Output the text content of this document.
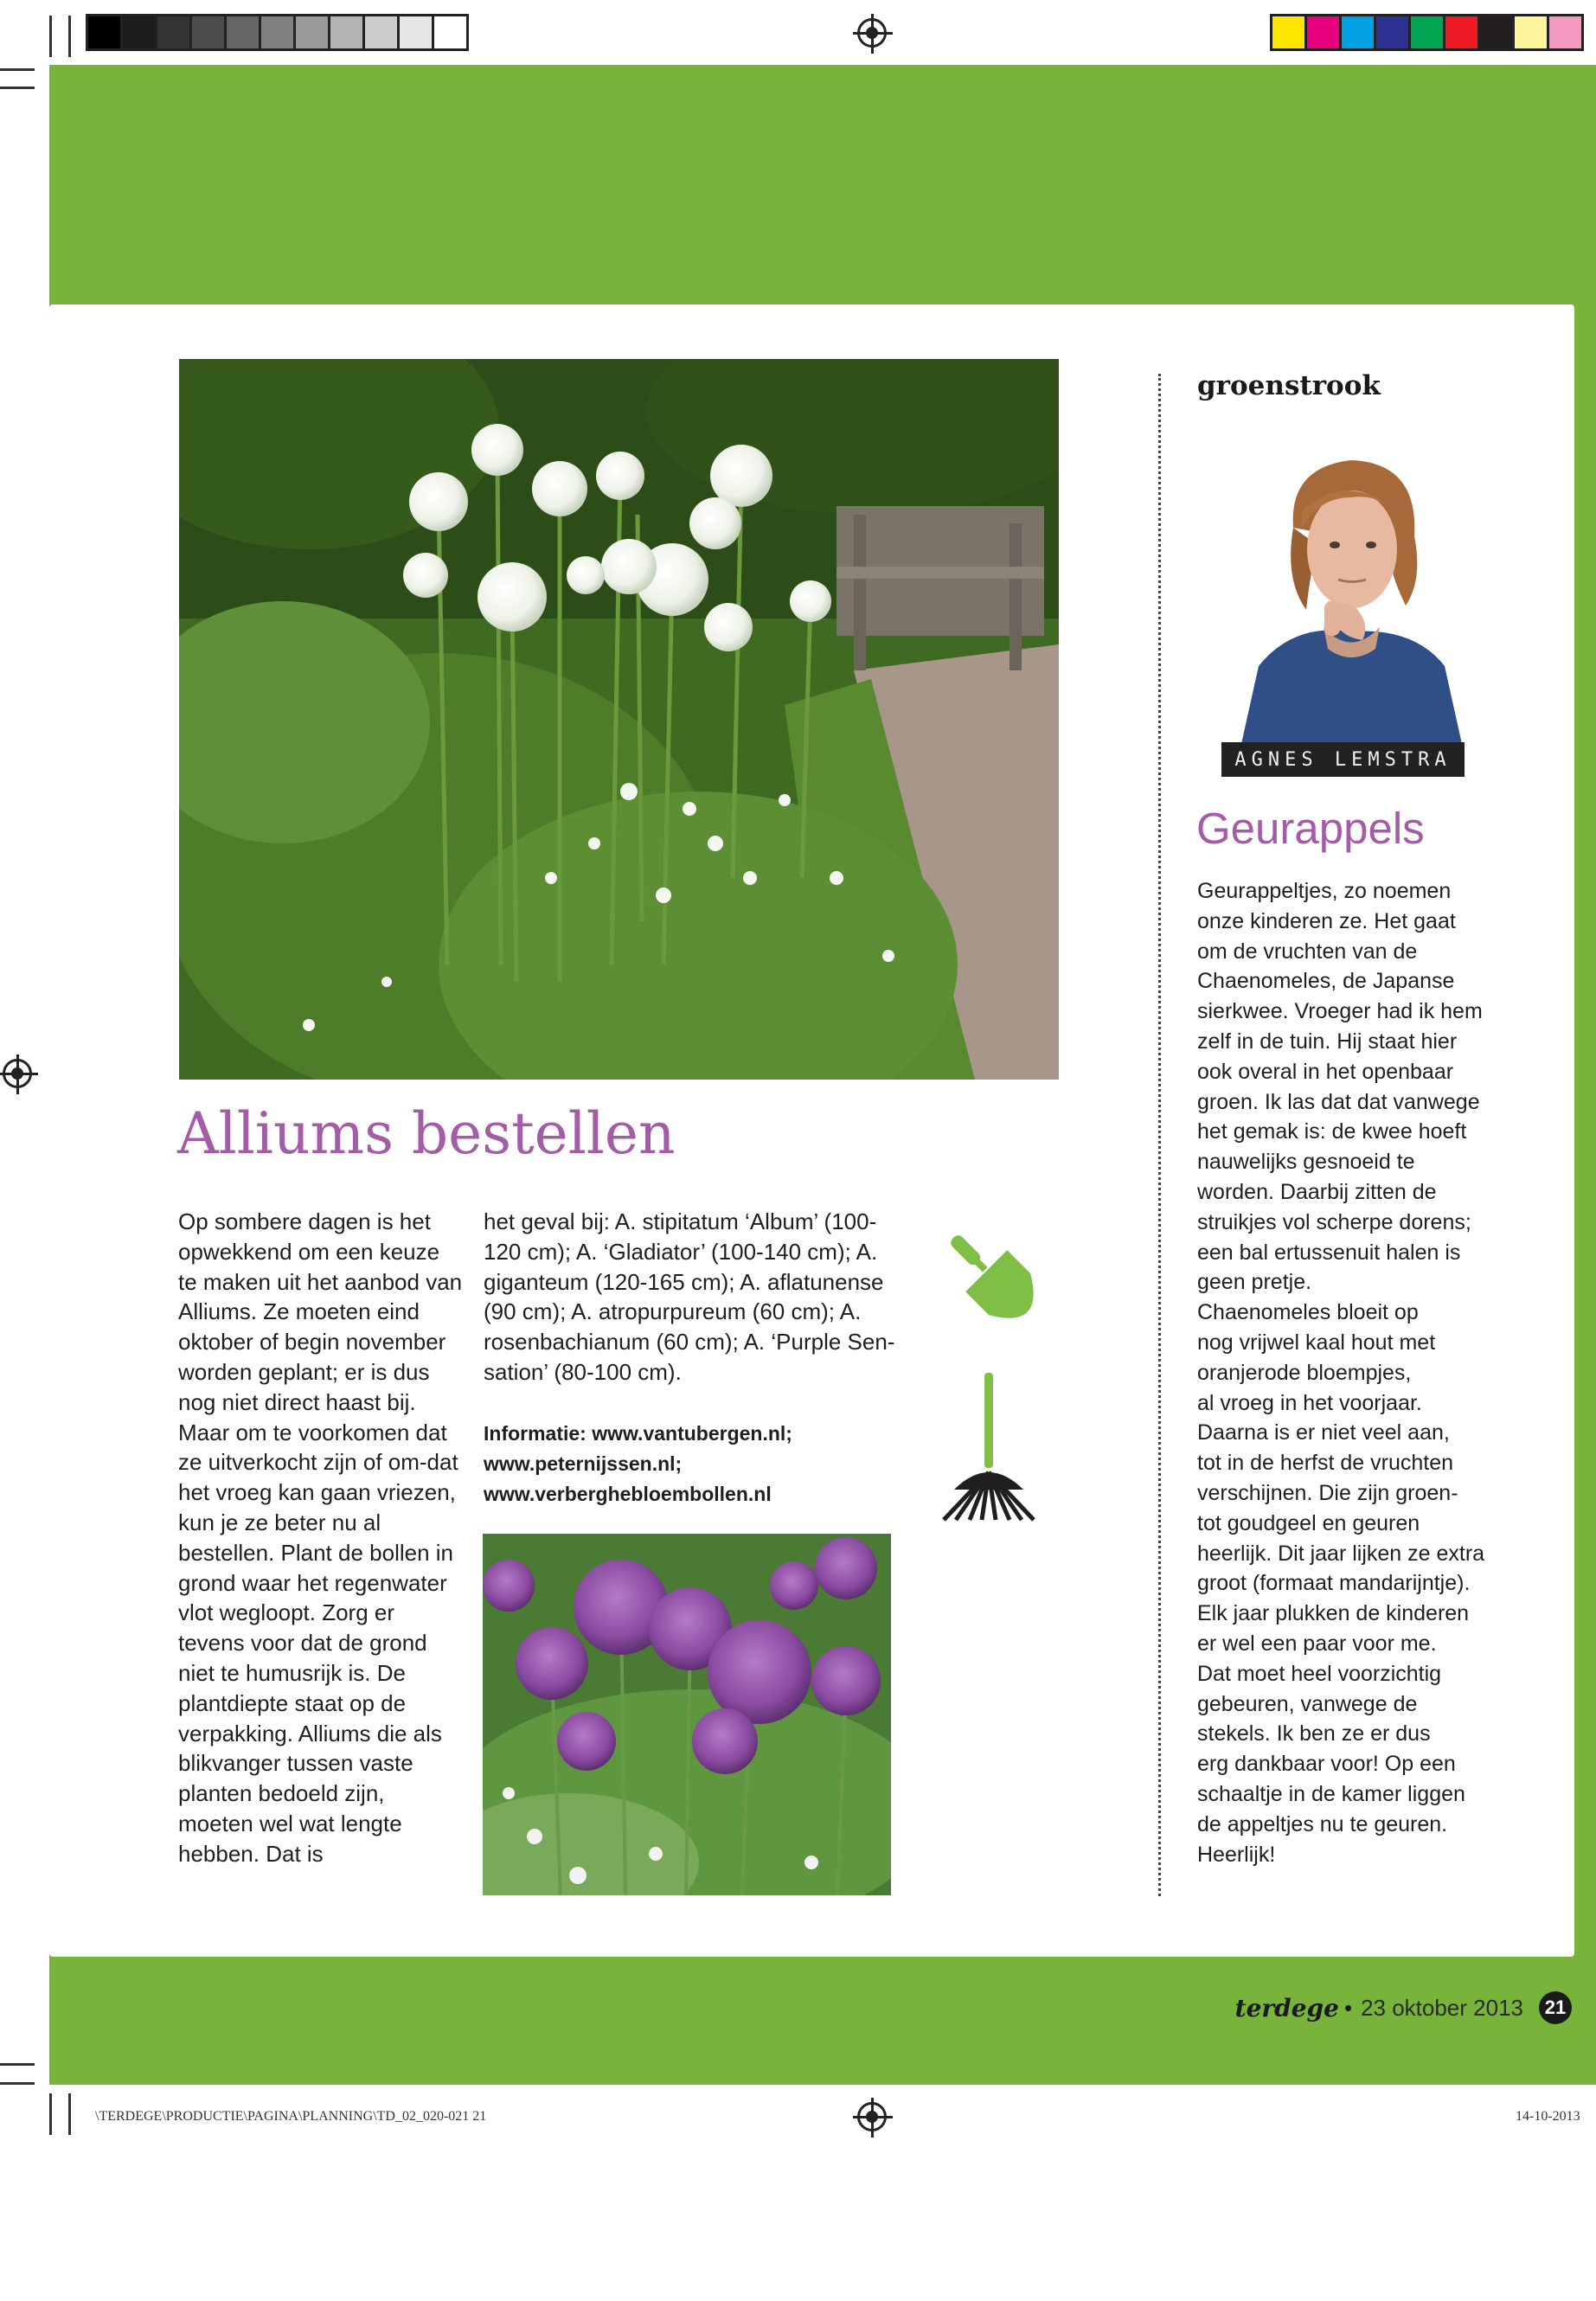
Alliums bestellen
Op sombere dagen is het opwekkend om een keuze te maken uit het aanbod van Alliums. Ze moeten eind oktober of begin november worden geplant; er is dus nog niet direct haast bij. Maar om te voorkomen dat ze uitverkocht zijn of om-dat het vroeg kan gaan vriezen, kun je ze beter nu al bestellen. Plant de bollen in grond waar het regenwater vlot wegloopt. Zorg er tevens voor dat de grond niet te humusrijk is. De plantdiepte staat op de verpakking. Alliums die als blikvanger tussen vaste planten bedoeld zijn, moeten wel wat lengte hebben. Dat is
het geval bij: A. stipitatum ‘Album’ (100-120 cm); A. ‘Gladiator’ (100-140 cm); A. giganteum (120-165 cm); A. aflatunense (90 cm); A. atropurpureum (60 cm); A. rosenbachianum (60 cm); A. ‘Purple Sen-sation’ (80-100 cm).
Informatie: www.vantubergen.nl;
www.peternijssen.nl;
www.verberghebloembollen.nl
groenstrook
AGNES LEMSTRA
Geurappels
Geurappeltjes, zo noemen
onze kinderen ze. Het gaat
om de vruchten van de
Chaenomeles, de Japanse
sierkwee. Vroeger had ik hem
zelf in de tuin. Hij staat hier
ook overal in het openbaar
groen. Ik las dat dat vanwege
het gemak is: de kwee hoeft
nauwelijks gesnoeid te
worden. Daarbij zitten de
struikjes vol scherpe dorens;
een bal ertussenuit halen is
geen pretje.
Chaenomeles bloeit op
nog vrijwel kaal hout met
oranjerode bloempjes,
al vroeg in het voorjaar.
Daarna is er niet veel aan,
tot in de herfst de vruchten
verschijnen. Die zijn groen-
tot goudgeel en geuren
heerlijk. Dit jaar lijken ze extra
groot (formaat mandarijntje).
Elk jaar plukken de kinderen
er wel een paar voor me.
Dat moet heel voorzichtig
gebeuren, vanwege de
stekels. Ik ben ze er dus
erg dankbaar voor! Op een
schaaltje in de kamer liggen
de appeltjes nu te geuren.
Heerlijk!
terdege • 23 oktober 2013	21
\TERDEGE\PRODUCTIE\PAGINA\PLANNING\TD_02_020-021 21	14-10-2013
